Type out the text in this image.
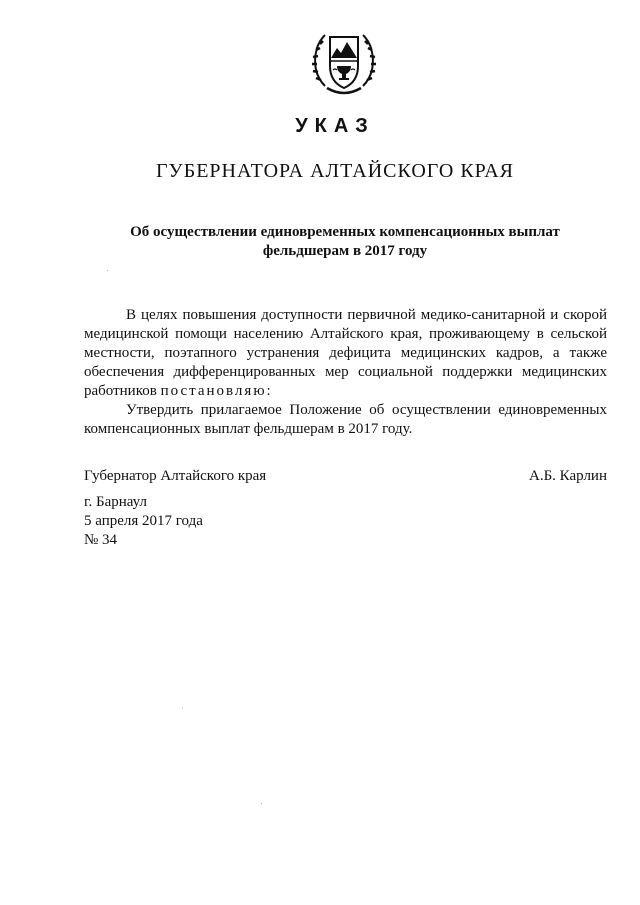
УКАЗ
ГУБЕРНАТОРА АЛТАЙСКОГО КРАЯ
Об осуществлении единовременных компенсационных выплат
фельдшерам в 2017 году

В целях повышения доступности первичной медико-санитарной и скорой медицинской помощи населению Алтайского края, проживающему в сельской местности, поэтапного устранения дефицита медицинских кадров, а также обеспечения дифференцированных мер социальной поддержки медицинских работников постановляю:

Утвердить прилагаемое Положение об осуществлении единовременных компенсационных выплат фельдшерам в 2017 году.

Губернатор Алтайского края	А.Б. Карлин
г. Барнаул
5 апреля 2017 года
№ 34
